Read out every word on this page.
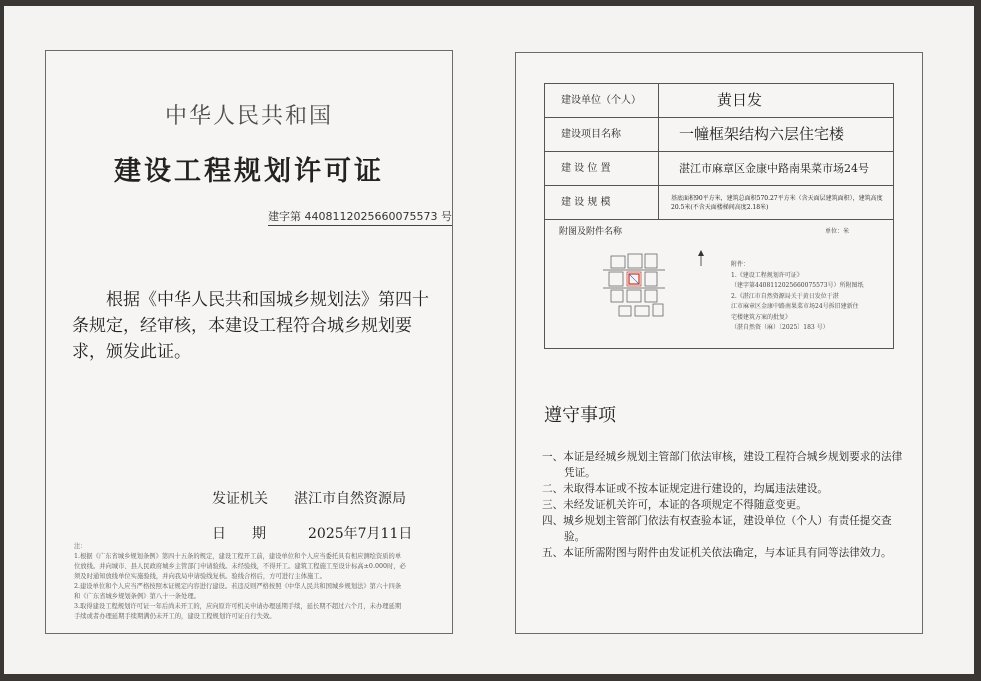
中华人民共和国
建设工程规划许可证
建字第 440811202566007​5573 号
根据《中华人民共和国城乡规划法》第四十条规定，经审核，本建设工程符合城乡规划要求，颁发此证。
发证机关 湛江市自然资源局
日期 2025年7月11日
注：
1.根据《广东省城乡规划条例》第四十五条的规定，建设工程开工前，建设单位和个人应当委托具有相应测绘资质的单
位放线。并向城市、县人民政府城乡主管部门申请验线。未经验线，不得开工。建筑工程施工至设计标高±0.000时，必
须及时通知放线单位实施验线，并向我局申请验线复核。验线合格后，方可进行主体施工。
2.建设单位和个人应当严格按照本证规定内容进行建设。若违反则严格按照《中华人民共和国城乡规划法》第六十四条
和《广东省城乡规划条例》第八十一条处理。
3.取得建设工程规划许可证一年后尚未开工的，应向原许可机关申请办理延期手续，延长期不超过六个月，未办理延期
手续或者办理延期手续期满仍未开工的，建设工程规划许可证自行失效。
建设单位（个人）	黄日发
建设项目名称	一幢框架结构六层住宅楼
建 设 位 置	湛江市麻章区金康中路南果菜市场24号
建 设 规 模	基底面积90平方米，建筑总面积570.27平方米（含天面层建筑面积），建筑高度20.5米(不含天面楼梯间高度2.18米)
附图及附件名称	单位：米
附件：
1.《建设工程规划许可证》
（建字第440811202566007​5573号）所附图纸
2.《湛江市自然资源局关于黄日发位于湛
江市麻章区金康中路南果菜市场24号拆旧建新住
宅楼建筑方案的批复》
（湛自然资（麻）〔2025〕183 号）
遵守事项
一、本证是经城乡规划主管部门依法审核，建设工程符合城乡规划要求的法律凭证。
二、未取得本证或不按本证规定进行建设的，均属违法建设。
三、未经发证机关许可，本证的各项规定不得随意变更。
四、城乡规划主管部门依法有权查验本证，建设单位（个人）有责任提交查验。
五、本证所需附图与附件由发证机关依法确定，与本证具有同等法律效力。
